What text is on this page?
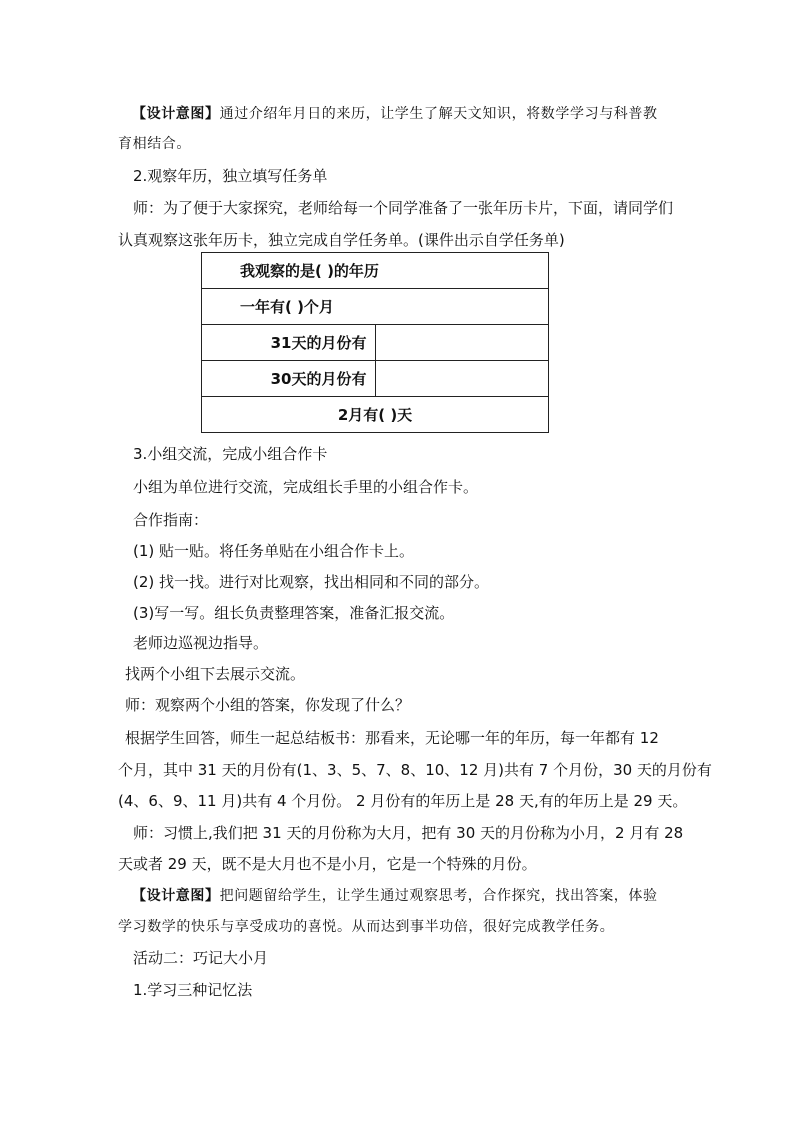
【设计意图】通过介绍年月日的来历，让学生了解天文知识，将数学学习与科普教

育相结合。

2.观察年历，独立填写任务单

师：为了便于大家探究，老师给每一个同学准备了一张年历卡片，下面，请同学们

认真观察这张年历卡，独立完成自学任务单。(课件出示自学任务单)

我观察的是( )的年历	
一年有( )个月	
31天的月份有	
30天的月份有	
2月有( )天	

3.小组交流，完成小组合作卡

小组为单位进行交流，完成组长手里的小组合作卡。

合作指南：

(1) 贴一贴。将任务单贴在小组合作卡上。

(2) 找一找。进行对比观察，找出相同和不同的部分。

(3)写一写。组长负责整理答案，准备汇报交流。

老师边巡视边指导。

找两个小组下去展示交流。

师：观察两个小组的答案，你发现了什么？

根据学生回答，师生一起总结板书：那看来，无论哪一年的年历，每一年都有 12

个月，其中 31 天的月份有(1、3、5、7、8、10、12 月)共有 7 个月份，30 天的月份有

(4、6、9、11 月)共有 4 个月份。 2 月份有的年历上是 28 天,有的年历上是 29 天。

师：习惯上,我们把 31 天的月份称为大月，把有 30 天的月份称为小月，2 月有 28

天或者 29 天，既不是大月也不是小月，它是一个特殊的月份。

【设计意图】把问题留给学生，让学生通过观察思考，合作探究，找出答案，体验

学习数学的快乐与享受成功的喜悦。从而达到事半功倍，很好完成教学任务。

活动二：巧记大小月

1.学习三种记忆法
